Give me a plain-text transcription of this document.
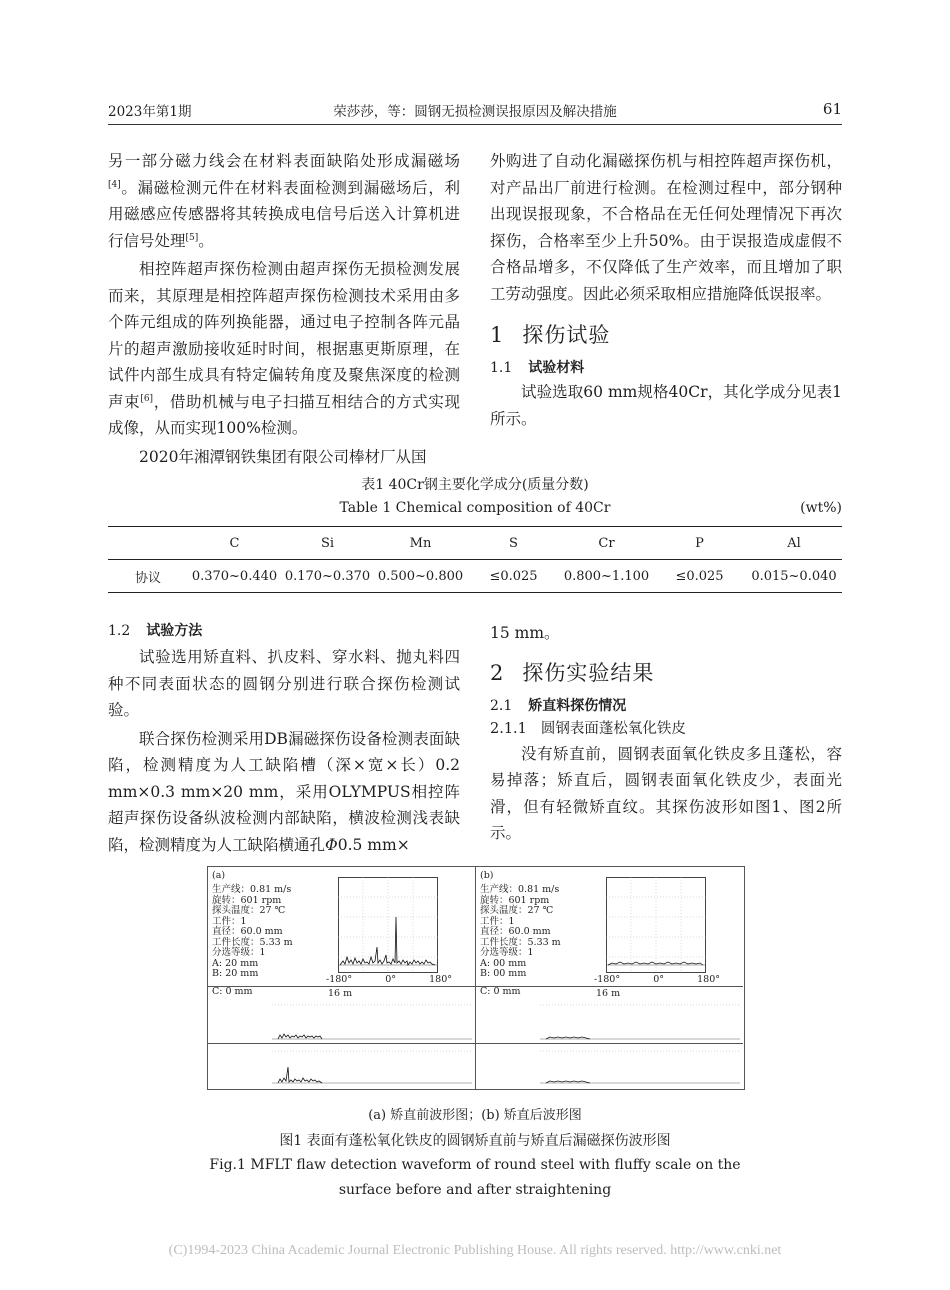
2023年第1期	荣莎莎，等：圆钢无损检测误报原因及解决措施	61

另一部分磁力线会在材料表面缺陷处形成漏磁场[4]。漏磁检测元件在材料表面检测到漏磁场后，利用磁感应传感器将其转换成电信号后送入计算机进行信号处理[5]。

相控阵超声探伤检测由超声探伤无损检测发展而来，其原理是相控阵超声探伤检测技术采用由多个阵元组成的阵列换能器，通过电子控制各阵元晶片的超声激励接收延时时间，根据惠更斯原理，在试件内部生成具有特定偏转角度及聚焦深度的检测声束[6]，借助机械与电子扫描互相结合的方式实现成像，从而实现100%检测。

2020年湘潭钢铁集团有限公司棒材厂从国

外购进了自动化漏磁探伤机与相控阵超声探伤机，对产品出厂前进行检测。在检测过程中，部分钢种出现误报现象，不合格品在无任何处理情况下再次探伤，合格率至少上升50%。由于误报造成虚假不合格品增多，不仅降低了生产效率，而且增加了职工劳动强度。因此必须采取相应措施降低误报率。

1 探伤试验
1.1 试验材料

试验选取60 mm规格40Cr，其化学成分见表1所示。

表1 40Cr钢主要化学成分(质量分数)
Table 1 Chemical composition of 40Cr	(wt%)
	C	Si	Mn	S	Cr	P	Al
协议	0.370~0.440	0.170~0.370	0.500~0.800	≤0.025	0.800~1.100	≤0.025	0.015~0.040
1.2 试验方法

试验选用矫直料、扒皮料、穿水料、抛丸料四种不同表面状态的圆钢分别进行联合探伤检测试验。

联合探伤检测采用DB漏磁探伤设备检测表面缺陷，检测精度为人工缺陷槽（深×宽×长）0.2 mm×0.3 mm×20 mm，采用OLYMPUS相控阵超声探伤设备纵波检测内部缺陷，横波检测浅表缺陷，检测精度为人工缺陷横通孔Φ0.5 mm×

15 mm。

2 探伤实验结果
2.1 矫直料探伤情况
2.1.1 圆钢表面蓬松氧化铁皮

没有矫直前，圆钢表面氧化铁皮多且蓬松，容易掉落；矫直后，圆钢表面氧化铁皮少，表面光滑，但有轻微矫直纹。其探伤波形如图1、图2所示。

(a)
生产线：0.81 m/s
旋转：601 rpm
探头温度：27 ℃
工件：1
直径：60.0 mm
工件长度：5.33 m
分选等级：1
A: 20 mm
B: 20 mm
-180°	0°	180°
C: 0 mm	16 m
(b)
生产线：0.81 m/s
旋转：601 rpm
探头温度：27 ℃
工件：1
直径：60.0 mm
工件长度：5.33 m
分选等级：1
A: 00 mm
B: 00 mm
-180°	0°	180°
C: 0 mm	16 m
(a) 矫直前波形图；(b) 矫直后波形图
图1 表面有蓬松氧化铁皮的圆钢矫直前与矫直后漏磁探伤波形图
Fig.1 MFLT flaw detection waveform of round steel with fluffy scale on the
surface before and after straightening
(C)1994-2023 China Academic Journal Electronic Publishing House. All rights reserved. http://www.cnki.net
